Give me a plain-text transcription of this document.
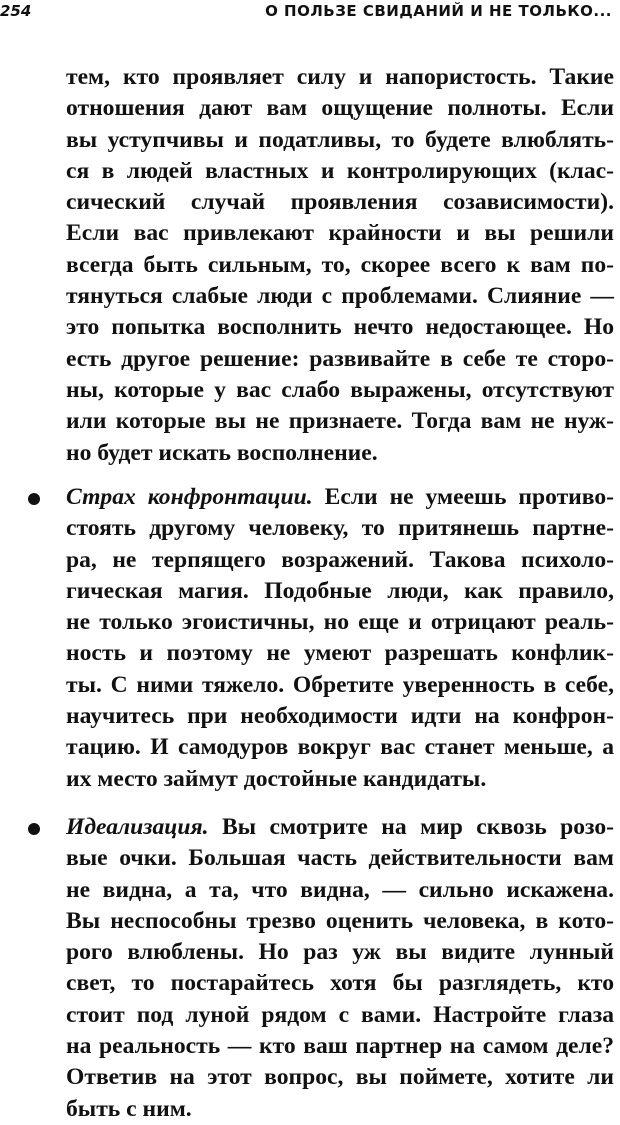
254	О ПОЛЬЗЕ СВИДАНИЙ И НЕ ТОЛЬКО...
тем, кто проявляет силу и напористость. Такие
отношения дают вам ощущение полноты. Если
вы уступчивы и податливы, то будете влюблять-
ся в людей властных и контролирующих (клас-
сический случай проявления созависимости).
Если вас привлекают крайности и вы решили
всегда быть сильным, то, скорее всего к вам по-
тянуться слабые люди с проблемами. Слияние —
это попытка восполнить нечто недостающее. Но
есть другое решение: развивайте в себе те сторо-
ны, которые у вас слабо выражены, отсутствуют
или которые вы не признаете. Тогда вам не нуж-
но будет искать восполнение.
Страх конфронтации. Если не умеешь противо-
стоять другому человеку, то притянешь партне-
ра, не терпящего возражений. Такова психоло-
гическая магия. Подобные люди, как правило,
не только эгоистичны, но еще и отрицают реаль-
ность и поэтому не умеют разрешать конфлик-
ты. С ними тяжело. Обретите уверенность в себе,
научитесь при необходимости идти на конфрон-
тацию. И самодуров вокруг вас станет меньше, а
их место займут достойные кандидаты.
Идеализация. Вы смотрите на мир сквозь розо-
вые очки. Большая часть действительности вам
не видна, а та, что видна, — сильно искажена.
Вы неспособны трезво оценить человека, в кото-
рого влюблены. Но раз уж вы видите лунный
свет, то постарайтесь хотя бы разглядеть, кто
стоит под луной рядом с вами. Настройте глаза
на реальность — кто ваш партнер на самом деле?
Ответив на этот вопрос, вы поймете, хотите ли
быть с ним.
